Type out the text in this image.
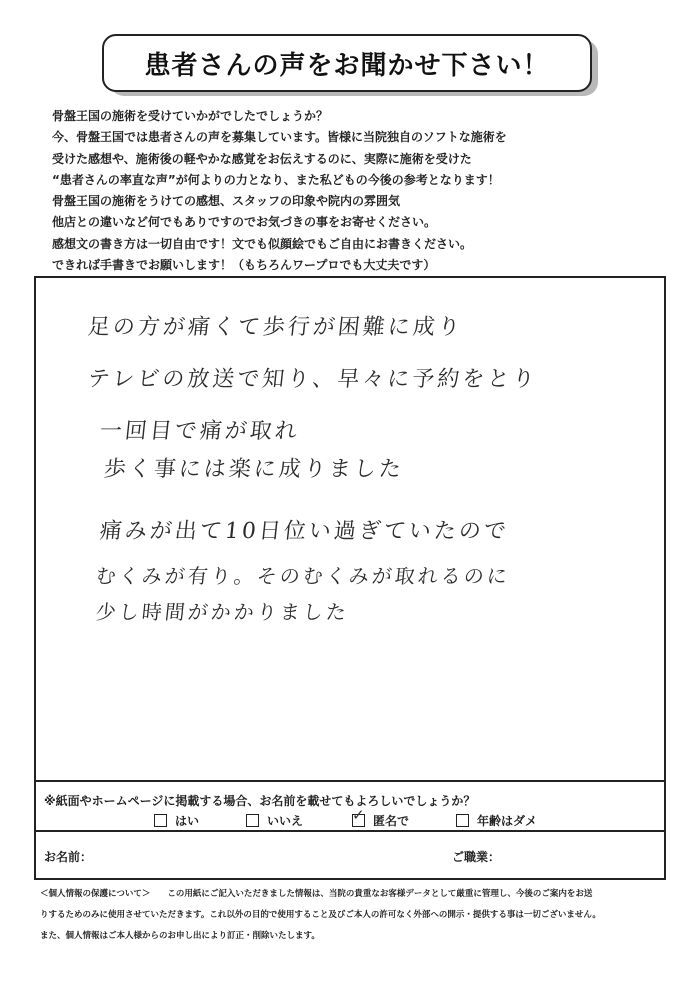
患者さんの声をお聞かせ下さい！
骨盤王国の施術を受けていかがでしたでしょうか？
今、骨盤王国では患者さんの声を募集しています。皆様に当院独自のソフトな施術を
受けた感想や、施術後の軽やかな感覚をお伝えするのに、実際に施術を受けた
“患者さんの率直な声”が何よりの力となり、また私どもの今後の参考となります！
骨盤王国の施術をうけての感想、スタッフの印象や院内の雰囲気
他店との違いなど何でもありですのでお気づきの事をお寄せください。
感想文の書き方は一切自由です！文でも似顔絵でもご自由にお書きください。
できれば手書きでお願いします！（もちろんワープロでも大丈夫です）
足の方が痛くて歩行が困難に成り
テレビの放送で知り、早々に予約をとり
一回目で痛が取れ
歩く事には楽に成りました
痛みが出て10日位い過ぎていたので
むくみが有り。そのむくみが取れるのに
少し時間がかかりました
※紙面やホームページに掲載する場合、お名前を載せてもよろしいでしょうか？
はい	いいえ	✓ 匿名で	年齢はダメ
お名前：	ご職業：
＜個人情報の保護について＞　　この用紙にご記入いただきました情報は、当院の貴重なお客様データとして厳重に管理し、今後のご案内をお送
りするためのみに使用させていただきます。これ以外の目的で使用すること及びご本人の許可なく外部への開示・提供する事は一切ございません。
また、個人情報はご本人様からのお申し出により訂正・削除いたします。
